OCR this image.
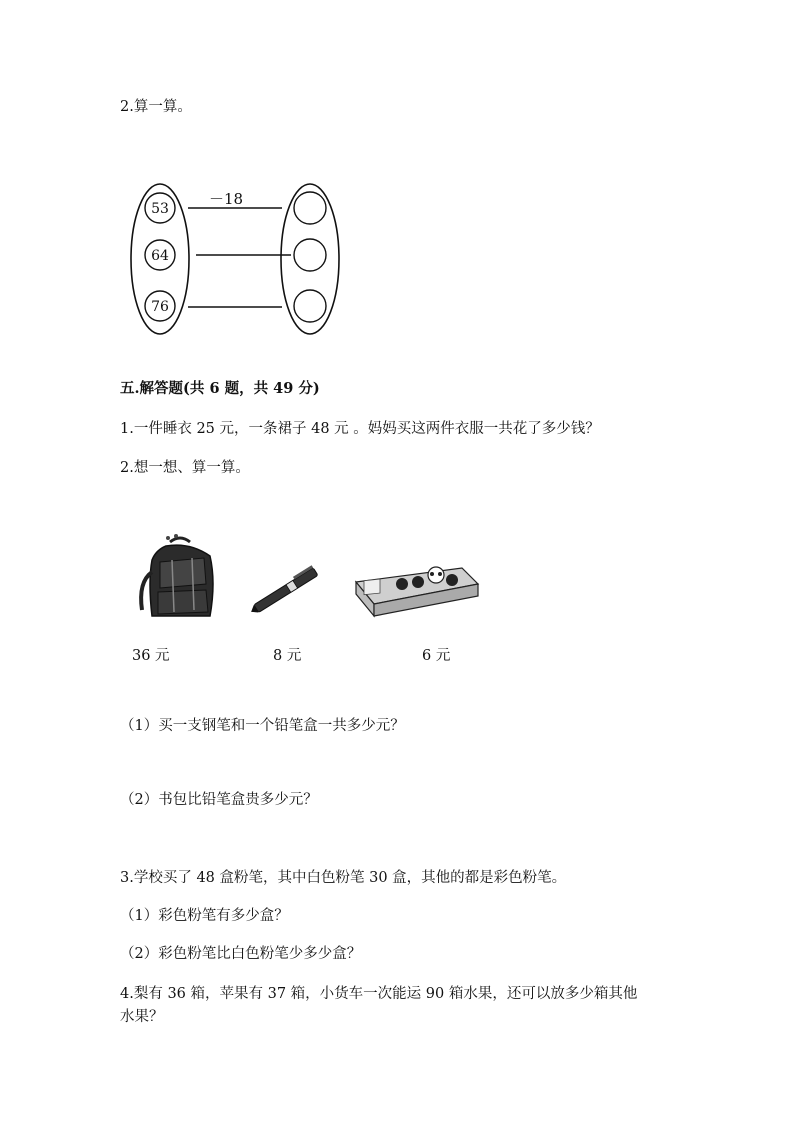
2.算一算。
－18
53
64
76
五.解答题(共 6 题，共 49 分)
1.一件睡衣 25 元，一条裙子 48 元 。妈妈买这两件衣服一共花了多少钱？
2.想一想、算一算。
36 元	8 元	6 元
（1）买一支钢笔和一个铅笔盒一共多少元？
（2）书包比铅笔盒贵多少元？
3.学校买了 48 盒粉笔，其中白色粉笔 30 盒，其他的都是彩色粉笔。
（1）彩色粉笔有多少盒？
（2）彩色粉笔比白色粉笔少多少盒？
4.梨有 36 箱，苹果有 37 箱，小货车一次能运 90 箱水果，还可以放多少箱其他
水果？
